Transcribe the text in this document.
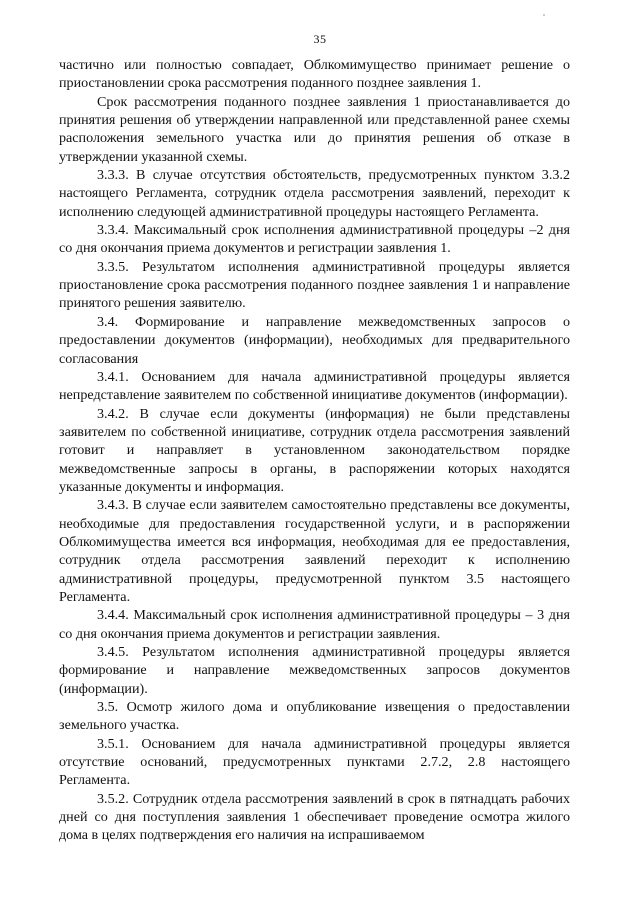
35

частично или полностью совпадает, Облкомимущество принимает решение о приостановлении срока рассмотрения поданного позднее заявления 1.

Срок рассмотрения поданного позднее заявления 1 приостанавливается до принятия решения об утверждении направленной или представленной ранее схемы расположения земельного участка или до принятия решения об отказе в утверждении указанной схемы.

3.3.3. В случае отсутствия обстоятельств, предусмотренных пунктом 3.3.2 настоящего Регламента, сотрудник отдела рассмотрения заявлений, переходит к исполнению следующей административной процедуры настоящего Регламента.

3.3.4. Максимальный срок исполнения административной процедуры –2 дня со дня окончания приема документов и регистрации заявления 1.

3.3.5. Результатом исполнения административной процедуры является приостановление срока рассмотрения поданного позднее заявления 1 и направление принятого решения заявителю.

3.4. Формирование и направление межведомственных запросов о предоставлении документов (информации), необходимых для предварительного согласования

3.4.1. Основанием для начала административной процедуры является непредставление заявителем по собственной инициативе документов (информации).

3.4.2. В случае если документы (информация) не были представлены заявителем по собственной инициативе, сотрудник отдела рассмотрения заявлений готовит и направляет в установленном законодательством порядке межведомственные запросы в органы, в распоряжении которых находятся указанные документы и информация.

3.4.3. В случае если заявителем самостоятельно представлены все документы, необходимые для предоставления государственной услуги, и в распоряжении Облкомимущества имеется вся информация, необходимая для ее предоставления, сотрудник отдела рассмотрения заявлений переходит к исполнению административной процедуры, предусмотренной пунктом 3.5 настоящего Регламента.

3.4.4. Максимальный срок исполнения административной процедуры – 3 дня со дня окончания приема документов и регистрации заявления.

3.4.5. Результатом исполнения административной процедуры является формирование и направление межведомственных запросов документов (информации).

3.5. Осмотр жилого дома и опубликование извещения о предоставлении земельного участка.

3.5.1. Основанием для начала административной процедуры является отсутствие оснований, предусмотренных пунктами 2.7.2, 2.8 настоящего Регламента.

3.5.2. Сотрудник отдела рассмотрения заявлений в срок в пятнадцать рабочих дней со дня поступления заявления 1 обеспечивает проведение осмотра жилого дома в целях подтверждения его наличия на испрашиваемом
